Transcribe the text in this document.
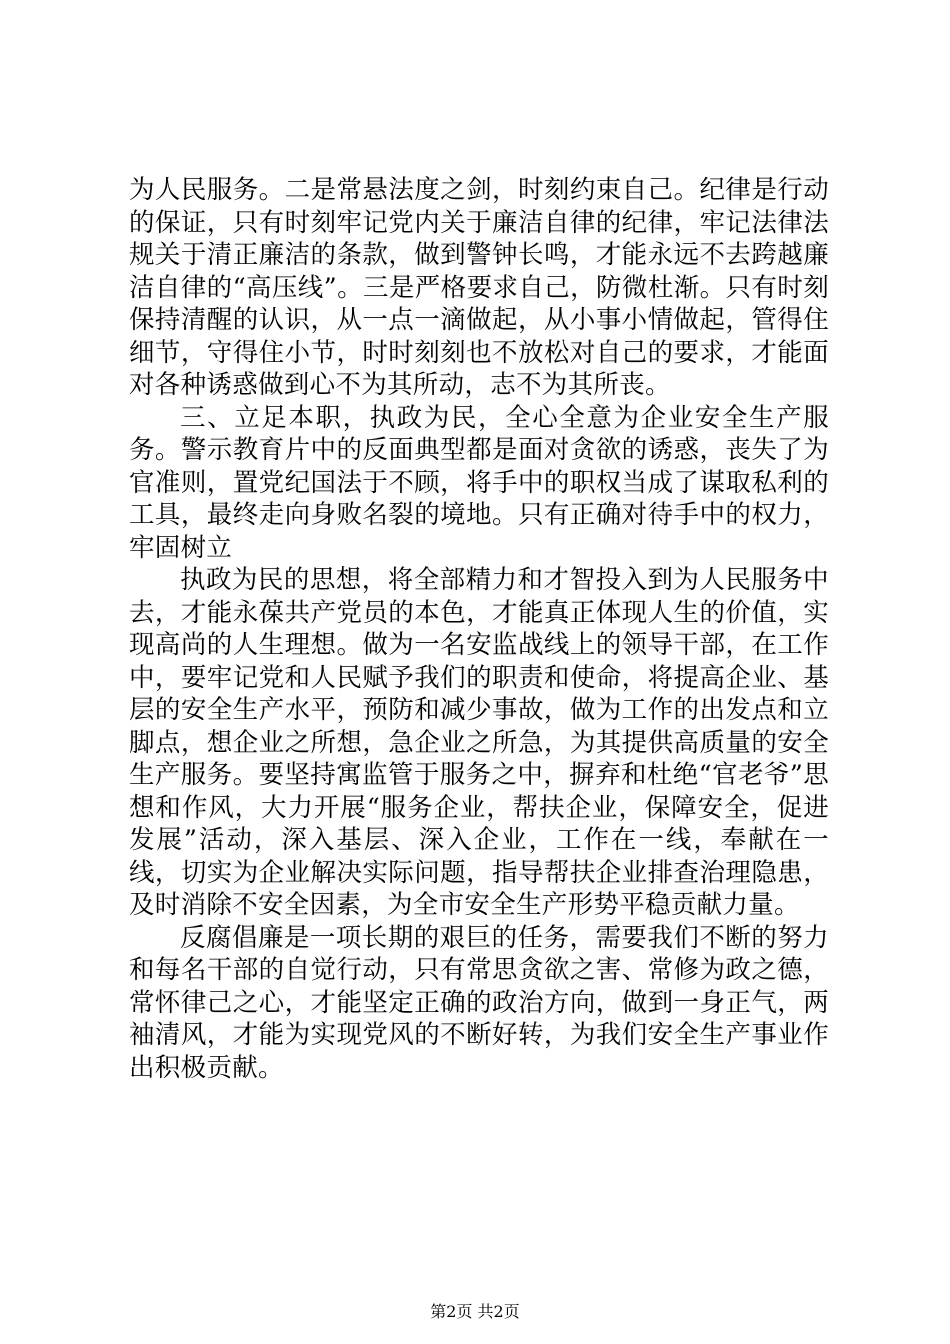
为人民服务。二是常悬法度之剑，时刻约束自己。纪律是行动的保证，只有时刻牢记党内关于廉洁自律的纪律，牢记法律法规关于清正廉洁的条款，做到警钟长鸣，才能永远不去跨越廉洁自律的“高压线”。三是严格要求自己，防微杜渐。只有时刻保持清醒的认识，从一点一滴做起，从小事小情做起，管得住细节，守得住小节，时时刻刻也不放松对自己的要求，才能面对各种诱惑做到心不为其所动，志不为其所丧。

三、立足本职，执政为民，全心全意为企业安全生产服务。警示教育片中的反面典型都是面对贪欲的诱惑，丧失了为官准则，置党纪国法于不顾，将手中的职权当成了谋取私利的工具，最终走向身败名裂的境地。只有正确对待手中的权力，牢固树立

执政为民的思想，将全部精力和才智投入到为人民服务中去，才能永葆共产党员的本色，才能真正体现人生的价值，实现高尚的人生理想。做为一名安监战线上的领导干部，在工作中，要牢记党和人民赋予我们的职责和使命，将提高企业、基层的安全生产水平，预防和减少事故，做为工作的出发点和立脚点，想企业之所想，急企业之所急，为其提供高质量的安全生产服务。要坚持寓监管于服务之中，摒弃和杜绝“官老爷”思想和作风，大力开展“服务企业，帮扶企业，保障安全，促进发展”活动，深入基层、深入企业，工作在一线，奉献在一线，切实为企业解决实际问题，指导帮扶企业排查治理隐患，及时消除不安全因素，为全市安全生产形势平稳贡献力量。

反腐倡廉是一项长期的艰巨的任务，需要我们不断的努力和每名干部的自觉行动，只有常思贪欲之害、常修为政之德，常怀律己之心，才能坚定正确的政治方向，做到一身正气，两袖清风，才能为实现党风的不断好转，为我们安全生产事业作出积极贡献。

第2页 共2页
